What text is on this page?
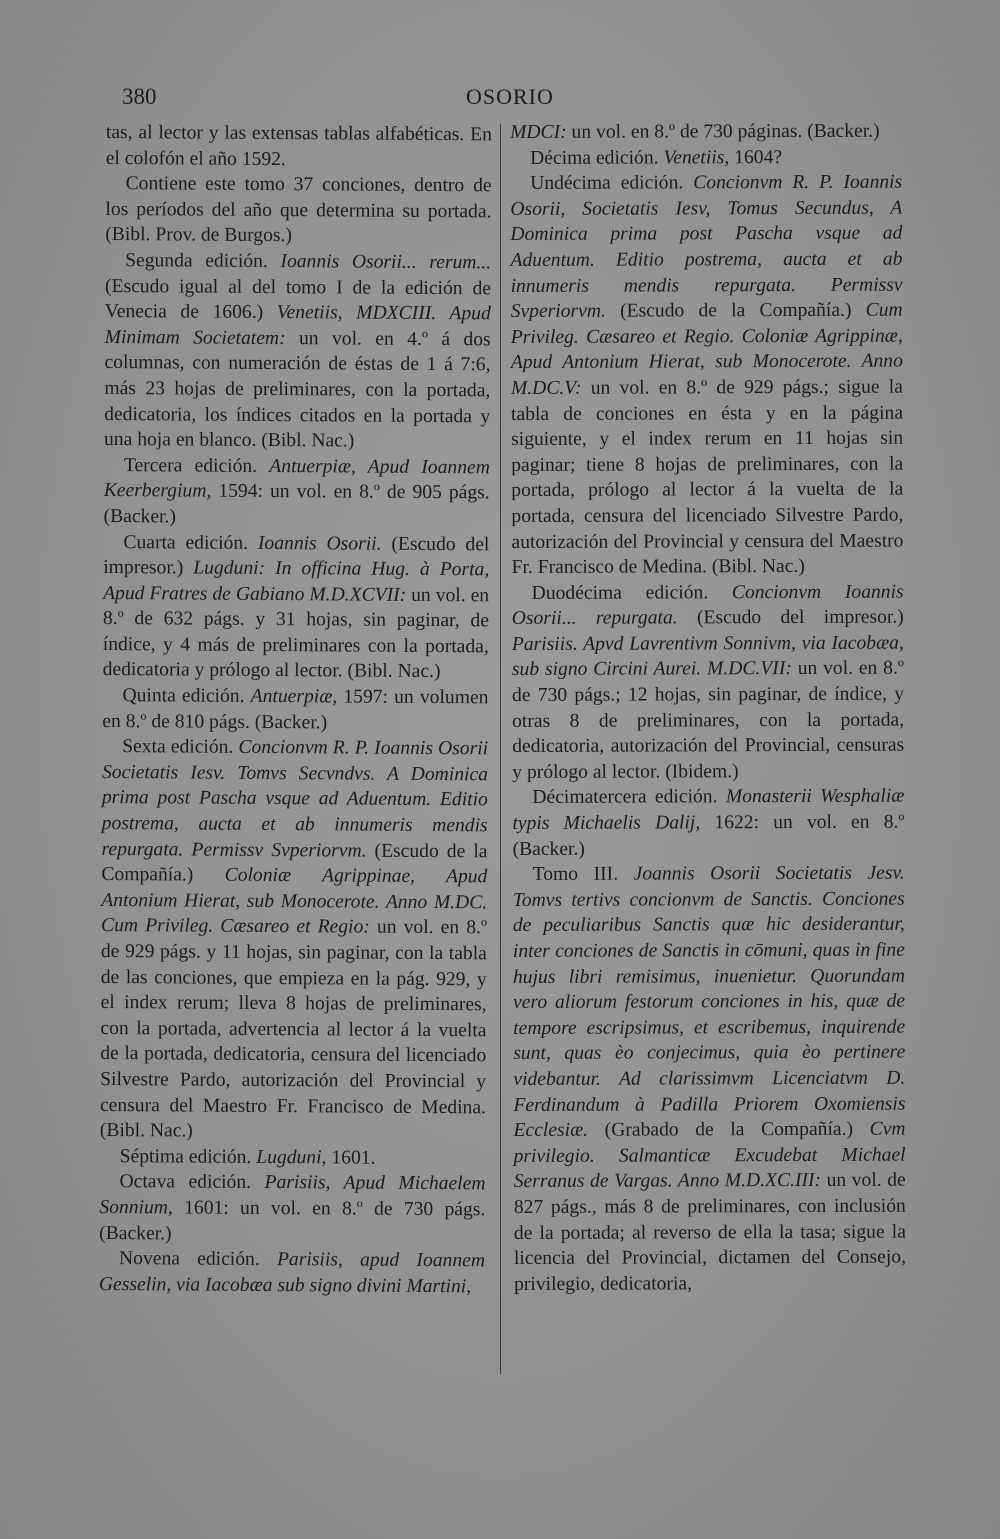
380	OSORIO

tas, al lector y las extensas tablas alfabéticas. En el colofón el año 1592.

Contiene este tomo 37 conciones, dentro de los períodos del año que determina su portada. (Bibl. Prov. de Burgos.)

Segunda edición. Ioannis Osorii... rerum... (Escudo igual al del tomo I de la edición de Venecia de 1606.) Venetiis, MDXCIII. Apud Minimam Societatem: un vol. en 4.º á dos columnas, con numeración de éstas de 1 á 7:6, más 23 hojas de preliminares, con la portada, dedicatoria, los índices citados en la portada y una hoja en blanco. (Bibl. Nac.)

Tercera edición. Antuerpiæ, Apud Ioannem Keerbergium, 1594: un vol. en 8.º de 905 págs. (Backer.)

Cuarta edición. Ioannis Osorii. (Escudo del impresor.) Lugduni: In officina Hug. à Porta, Apud Fratres de Gabiano M.D.XCVII: un vol. en 8.º de 632 págs. y 31 hojas, sin paginar, de índice, y 4 más de preliminares con la portada, dedicatoria y prólogo al lector. (Bibl. Nac.)

Quinta edición. Antuerpiæ, 1597: un volumen en 8.º de 810 págs. (Backer.)

Sexta edición. Concionvm R. P. Ioannis Osorii Societatis Iesv. Tomvs Secvndvs. A Dominica prima post Pascha vsque ad Aduentum. Editio postrema, aucta et ab innumeris mendis repurgata. Permissv Svperiorvm. (Escudo de la Compañía.) Coloniæ Agrippinae, Apud Antonium Hierat, sub Monocerote. Anno M.DC. Cum Privileg. Cæsareo et Regio: un vol. en 8.º de 929 págs. y 11 hojas, sin paginar, con la tabla de las conciones, que empieza en la pág. 929, y el index rerum; lleva 8 hojas de preliminares, con la portada, advertencia al lector á la vuelta de la portada, dedicatoria, censura del licenciado Silvestre Pardo, autorización del Provincial y censura del Maestro Fr. Francisco de Medina. (Bibl. Nac.)

Séptima edición. Lugduni, 1601.

Octava edición. Parisiis, Apud Michaelem Sonnium, 1601: un vol. en 8.º de 730 págs. (Backer.)

Novena edición. Parisiis, apud Ioannem Gesselin, via Iacobæa sub signo divini Martini,

MDCI: un vol. en 8.º de 730 páginas. (Backer.)

Décima edición. Venetiis, 1604?

Undécima edición. Concionvm R. P. Ioannis Osorii, Societatis Iesv, Tomus Secundus, A Dominica prima post Pascha vsque ad Aduentum. Editio postrema, aucta et ab innumeris mendis repurgata. Permissv Svperiorvm. (Escudo de la Compañía.) Cum Privileg. Cæsareo et Regio. Coloniæ Agrippinæ, Apud Antonium Hierat, sub Monocerote. Anno M.DC.V: un vol. en 8.º de 929 págs.; sigue la tabla de conciones en ésta y en la página siguiente, y el index rerum en 11 hojas sin paginar; tiene 8 hojas de preliminares, con la portada, prólogo al lector á la vuelta de la portada, censura del licenciado Silvestre Pardo, autorización del Provincial y censura del Maestro Fr. Francisco de Medina. (Bibl. Nac.)

Duodécima edición. Concionvm Ioannis Osorii... repurgata. (Escudo del impresor.) Parisiis. Apvd Lavrentivm Sonnivm, via Iacobæa, sub signo Circini Aurei. M.DC.VII: un vol. en 8.º de 730 págs.; 12 hojas, sin paginar, de índice, y otras 8 de preliminares, con la portada, dedicatoria, autorización del Provincial, censuras y prólogo al lector. (Ibidem.)

Décimatercera edición. Monasterii Wesphaliæ typis Michaelis Dalij, 1622: un vol. en 8.º (Backer.)

Tomo III. Joannis Osorii Societatis Jesv. Tomvs tertivs concionvm de Sanctis. Conciones de peculiaribus Sanctis quæ hic desiderantur, inter conciones de Sanctis in cōmuni, quas in fine hujus libri remisimus, inuenietur. Quorundam vero aliorum festorum conciones in his, quæ de tempore escripsimus, et escribemus, inquirende sunt, quas èo conjecimus, quia èo pertinere videbantur. Ad clarissimvm Licenciatvm D. Ferdinandum à Padilla Priorem Oxomiensis Ecclesiæ. (Grabado de la Compañía.) Cvm privilegio. Salmanticæ Excudebat Michael Serranus de Vargas. Anno M.D.XC.III: un vol. de 827 págs., más 8 de preliminares, con inclusión de la portada; al reverso de ella la tasa; sigue la licencia del Provincial, dictamen del Consejo, privilegio, dedicatoria,
